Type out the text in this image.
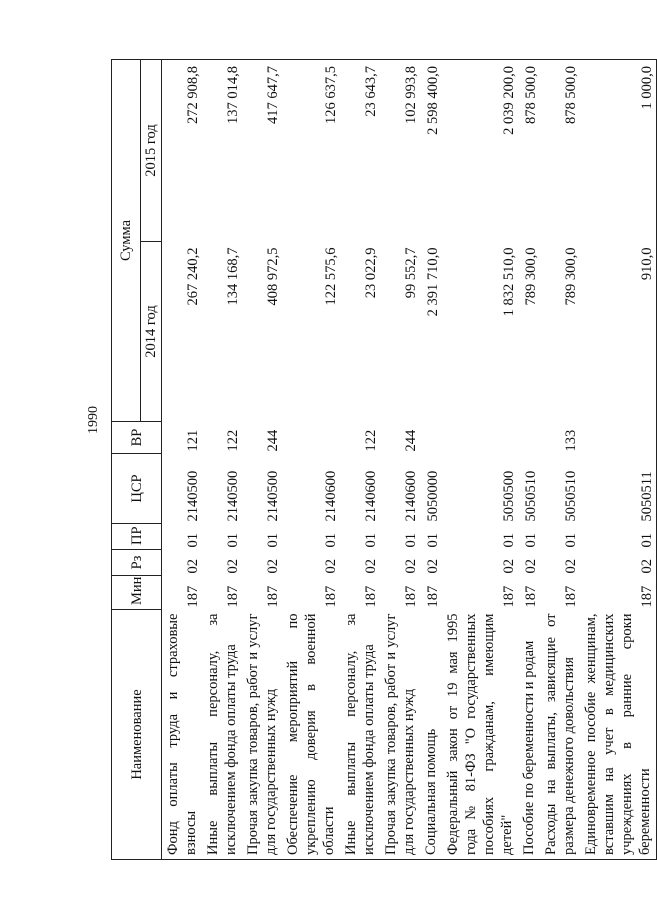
1990
Наименование	Мин	Рз	ПР	ЦСР	ВР	Сумма	
						2014 год	2015 год
Фонд оплаты труда и страховые взносы	187	02	01	2140500	121	267 240,2	272 908,8
Иные выплаты персоналу, за исключением фонда оплаты труда	187	02	01	2140500	122	134 168,7	137 014,8
Прочая закупка товаров, работ и услуг для государственных нужд	187	02	01	2140500	244	408 972,5	417 647,7
Обеспечение мероприятий по укреплению доверия в военной области	187	02	01	2140600		122 575,6	126 637,5
Иные выплаты персоналу, за исключением фонда оплаты труда	187	02	01	2140600	122	23 022,9	23 643,7
Прочая закупка товаров, работ и услуг для государственных нужд	187	02	01	2140600	244	99 552,7	102 993,8
Социальная помощь	187	02	01	5050000		2 391 710,0	2 598 400,0
Федеральный закон от 19 мая 1995 года № 81-ФЗ "О государственных пособиях гражданам, имеющим детей"	187	02	01	5050500		1 832 510,0	2 039 200,0
Пособие по беременности и родам	187	02	01	5050510		789 300,0	878 500,0
Расходы на выплаты, зависящие от размера денежного довольствия	187	02	01	5050510	133	789 300,0	878 500,0
Единовременное пособие женщинам, вставшим на учет в медицинских учреждениях в ранние сроки беременности	187	02	01	5050511		910,0	1 000,0
